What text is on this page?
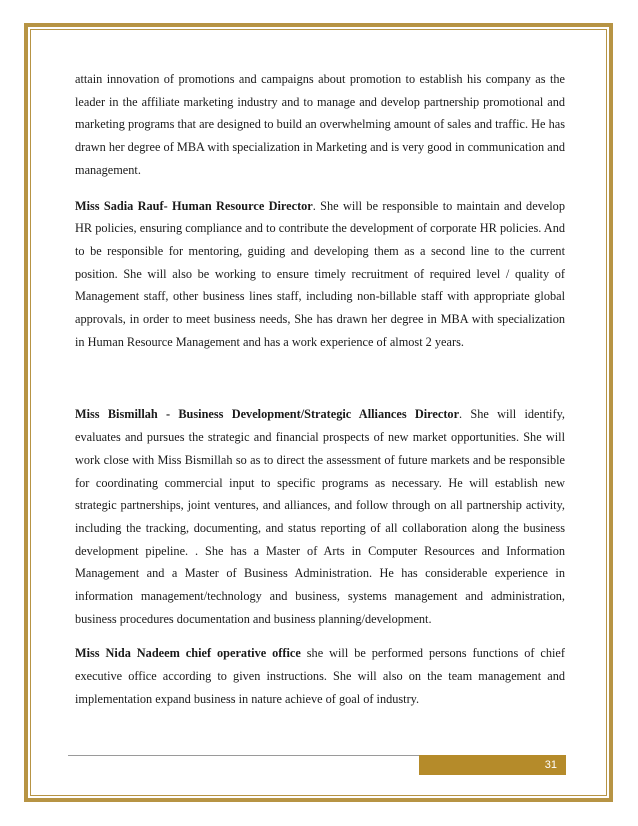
attain innovation of promotions and campaigns about promotion to establish his company as the leader in the affiliate marketing industry and to manage and develop partnership promotional and marketing programs that are designed to build an overwhelming amount of sales and traffic. He has drawn her degree of MBA with specialization in Marketing and is very good in communication and management.

Miss Sadia Rauf- Human Resource Director. She will be responsible to maintain and develop HR policies, ensuring compliance and to contribute the development of corporate HR policies. And to be responsible for mentoring, guiding and developing them as a second line to the current position. She will also be working to ensure timely recruitment of required level / quality of Management staff, other business lines staff, including non-billable staff with appropriate global approvals, in order to meet business needs, She has drawn her degree in MBA with specialization in Human Resource Management and has a work experience of almost 2 years.

Miss Bismillah - Business Development/Strategic Alliances Director. She will identify, evaluates and pursues the strategic and financial prospects of new market opportunities. She will work close with Miss Bismillah so as to direct the assessment of future markets and be responsible for coordinating commercial input to specific programs as necessary. He will establish new strategic partnerships, joint ventures, and alliances, and follow through on all partnership activity, including the tracking, documenting, and status reporting of all collaboration along the business development pipeline. . She has a Master of Arts in Computer Resources and Information Management and a Master of Business Administration. He has considerable experience in information management/technology and business, systems management and administration, business procedures documentation and business planning/development.

Miss Nida Nadeem chief operative office she will be performed persons functions of chief executive office according to given instructions. She will also on the team management and implementation expand business in nature achieve of goal of industry.

31
